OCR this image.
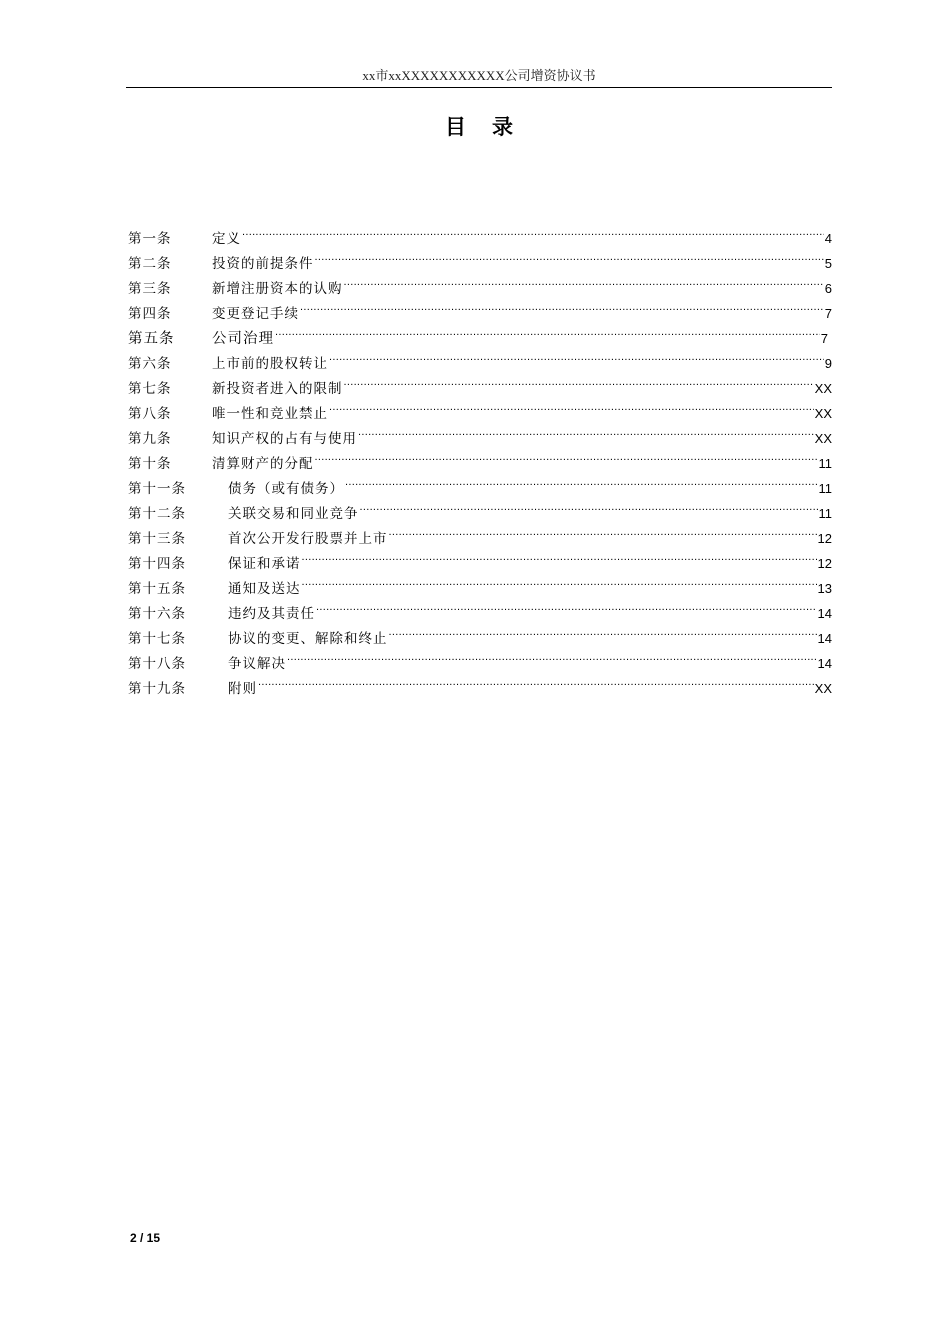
xx市xxXXXXXXXXXXX公司增资协议书
目录
第一条	定义 .....	4
第二条	投资的前提条件 .....	5
第三条	新增注册资本的认购 .....	6
第四条	变更登记手续 .....	7
第五条	公司治理 .....	7
第六条	上市前的股权转让 .....	9
第七条	新投资者进入的限制 .....	XX
第八条	唯一性和竞业禁止 .....	XX
第九条	知识产权的占有与使用 .....	XX
第十条	清算财产的分配 .....	11
第十一条	债务（或有债务） .....	11
第十二条	关联交易和同业竞争 .....	11
第十三条	首次公开发行股票并上市 .....	12
第十四条	保证和承诺 .....	12
第十五条	通知及送达 .....	13
第十六条	违约及其责任 .....	14
第十七条	协议的变更、解除和终止 .....	14
第十八条	争议解决 .....	14
第十九条	附则 .....	XX
2 / 15
